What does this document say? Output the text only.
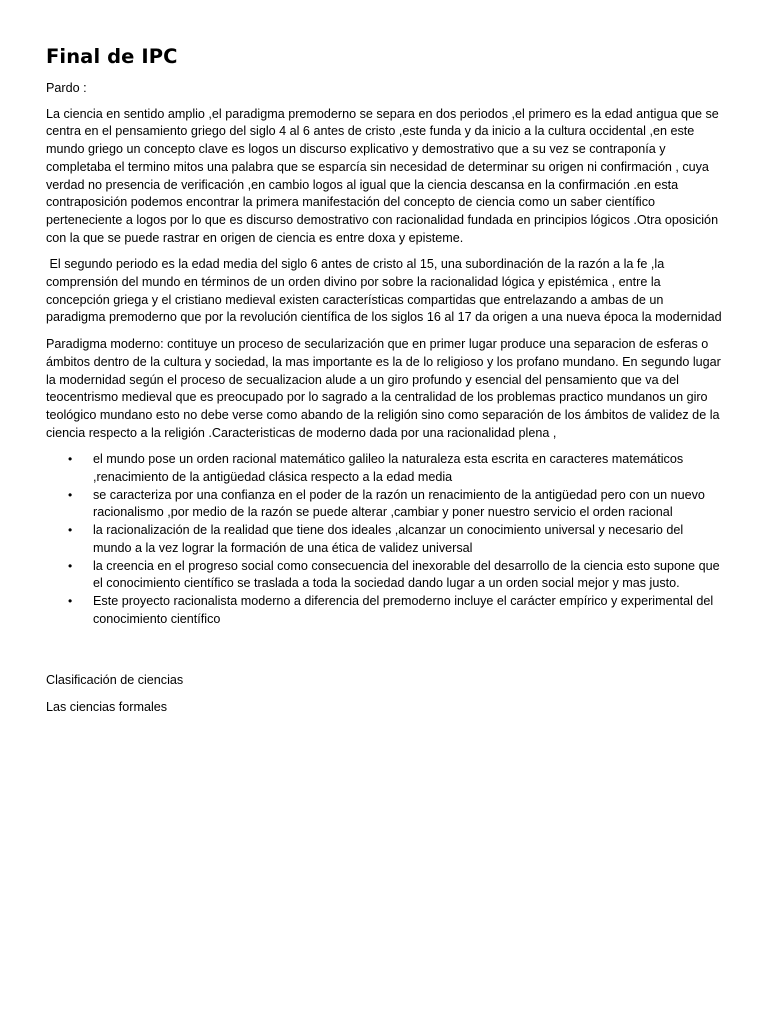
Final de IPC

Pardo :

La ciencia en sentido amplio ,el paradigma premoderno se separa en dos periodos ,el primero es la edad antigua que se centra en el pensamiento griego del siglo 4 al 6 antes de cristo ,este funda y da inicio a la cultura occidental ,en este mundo griego un concepto clave es logos un discurso explicativo y demostrativo que a su vez se contraponía y completaba el termino mitos una palabra que se esparcía sin necesidad de determinar su origen ni confirmación , cuya verdad no presencia de verificación ,en cambio logos al igual que la ciencia descansa en la confirmación .en esta contraposición podemos encontrar la primera manifestación del concepto de ciencia como un saber científico perteneciente a logos por lo que es discurso demostrativo con racionalidad fundada en principios lógicos .Otra oposición con la que se puede rastrar en origen de ciencia es entre doxa y episteme.

El segundo periodo es la edad media del siglo 6 antes de cristo al 15, una subordinación de la razón a la fe ,la comprensión del mundo en términos de un orden divino por sobre la racionalidad lógica y epistémica , entre la concepción griega y el cristiano medieval existen características compartidas que entrelazando a ambas de un paradigma premoderno que por la revolución científica de los siglos 16 al 17 da origen a una nueva época la modernidad

Paradigma moderno: contituye un proceso de secularización que en primer lugar produce una separacion de esferas o ámbitos dentro de la cultura y sociedad, la mas importante es la de lo religioso y los profano mundano. En segundo lugar la modernidad según el proceso de secualizacion alude a un giro profundo y esencial del pensamiento que va del teocentrismo medieval que es preocupado por lo sagrado a la centralidad de los problemas practico mundanos un giro teológico mundano esto no debe verse como abando de la religión sino como separación de los ámbitos de validez de la ciencia respecto a la religión .Caracteristicas de moderno dada por una racionalidad plena ,

• el mundo pose un orden racional matemático galileo la naturaleza esta escrita en caracteres matemáticos ,renacimiento de la antigüedad clásica respecto a la edad media
• se caracteriza por una confianza en el poder de la razón un renacimiento de la antigüedad pero con un nuevo racionalismo ,por medio de la razón se puede alterar ,cambiar y poner nuestro servicio el orden racional
• la racionalización de la realidad que tiene dos ideales ,alcanzar un conocimiento universal y necesario del mundo a la vez lograr la formación de una ética de validez universal
• la creencia en el progreso social como consecuencia del inexorable del desarrollo de la ciencia esto supone que el conocimiento científico se traslada a toda la sociedad dando lugar a un orden social mejor y mas justo.
• Este proyecto racionalista moderno a diferencia del premoderno incluye el carácter empírico y experimental del conocimiento científico

Clasificación de ciencias

Las ciencias formales
